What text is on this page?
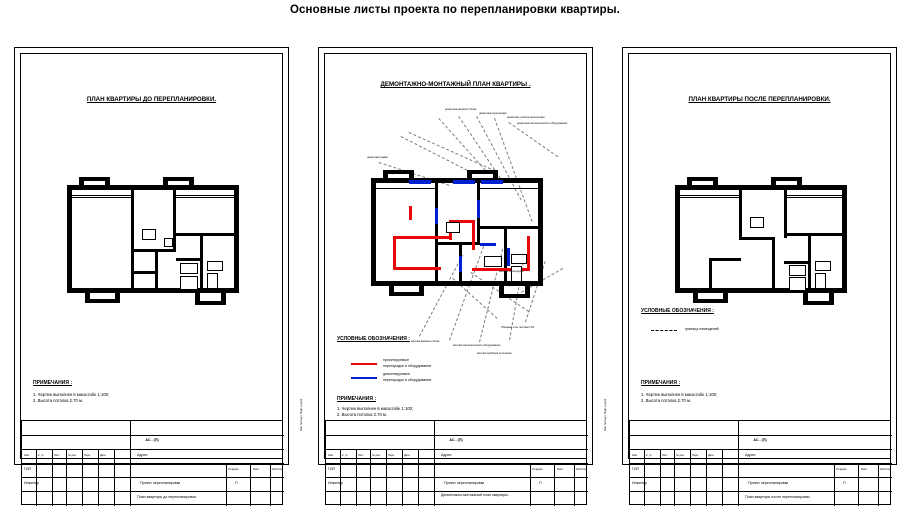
Основные листы проекта по перепланировки квартиры.
ПЛАН КВАРТИРЫ ДО ПЕРЕПЛАНИРОВКИ.
ПРИМЕЧАНИЯ :
1. Чертеж выполнен в масштабе 1:100;
2. Высота потолка 2.70 м.
АС - (П)
Адрес:
Изм.	К. уч.	Лист	№ док.	Подп.	Дата
ГИП
Инженер	Проект перепланировки
План квартиры до перепланировки.
Стадия	Лист	Листов
П
ДЕМОНТАЖНО-МОНТАЖНЫЙ ПЛАН КВАРТИРЫ .
демонтаж дверного блока
демонтаж перегородки
демонтаж участка перегородки
демонтаж сантехнического оборудования
демонтаж кладки
устройство проема
монтаж перегородки
монтаж дверного блока
монтаж сантехнического оборудования
Обшивка стен листами ГКЛ
монтаж приборов отопления
УСЛОВНЫЕ ОБОЗНАЧЕНИЯ :
проектируемые
перегородки и оборудование
демонтируемые
перегородки и оборудование
ПРИМЕЧАНИЯ :
1. Чертеж выполнен в масштабе 1:100;
2. Высота потолка 2.70 м.
АС - (П)
Адрес:
Изм.	К. уч.	Лист	№ док.	Подп.	Дата
ГИП
Инженер	Проект перепланировки
Демонтажно-монтажный план квартиры.
Стадия	Лист	Листов
П
Инв. № подл. Подп. и дата
ПЛАН КВАРТИРЫ ПОСЛЕ ПЕРЕПЛАНИРОВКИ.
УСЛОВНЫЕ ОБОЗНАЧЕНИЯ :
граница помещений
ПРИМЕЧАНИЯ :
1. Чертеж выполнен в масштабе 1:100;
2. Высота потолка 2.70 м.
АС - (П)
Адрес:
Изм.	К. уч.	Лист	№ док.	Подп.	Дата
ГИП
Инженер	Проект перепланировки
План квартиры после перепланировки.
Стадия	Лист	Листов
П
Инв. № подл. Подп. и дата
